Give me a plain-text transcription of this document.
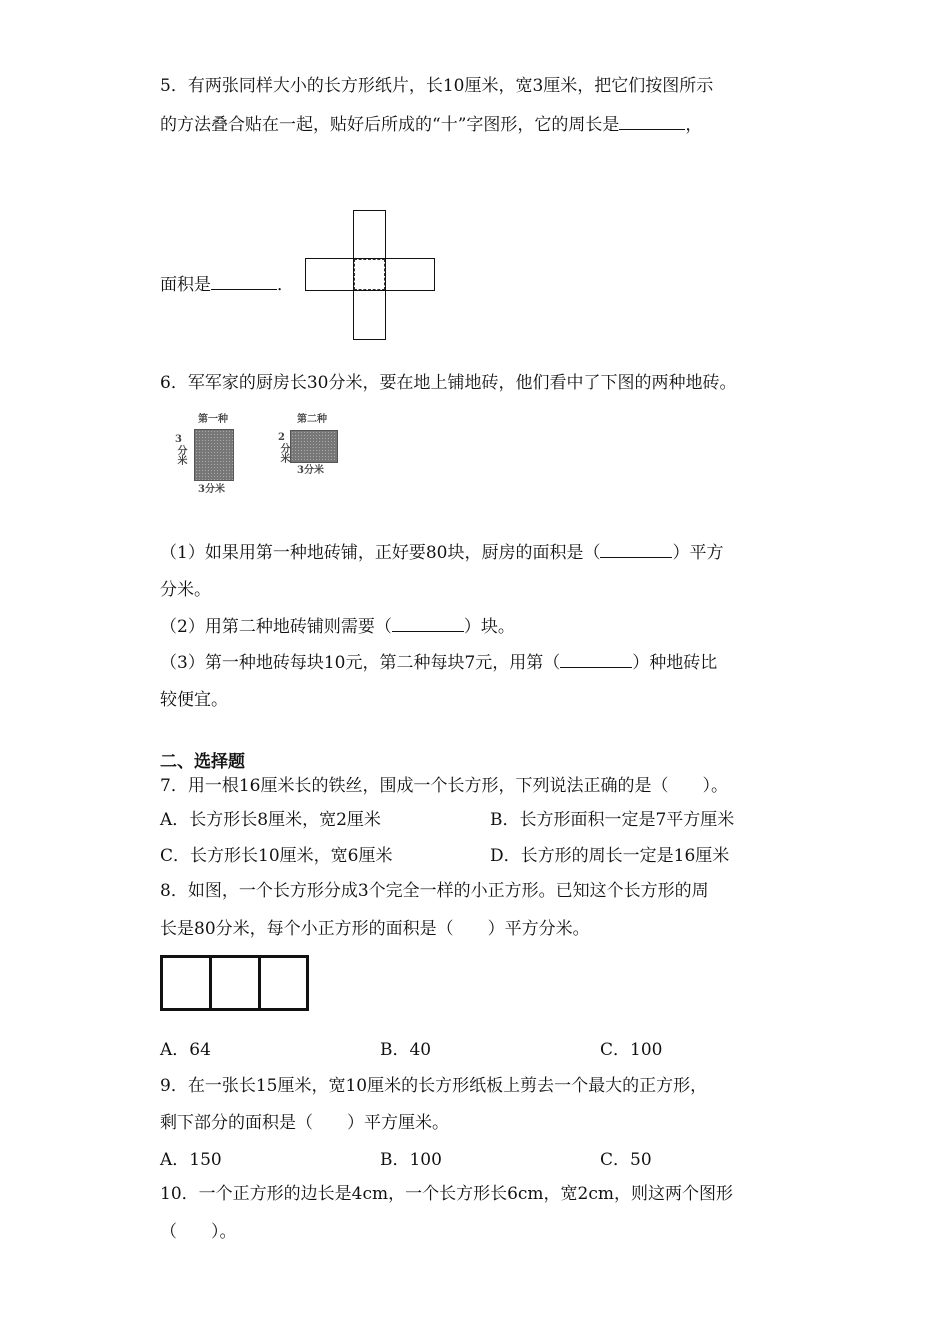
5．有两张同样大小的长方形纸片，长10厘米，宽3厘米，把它们按图所示
的方法叠合贴在一起，贴好后所成的“十”字图形，它的周长是	，
面积是	．
6．军军家的厨房长30分米，要在地上铺地砖，他们看中了下图的两种地砖。
第一种
3
分米
3分米
第二种
2
分米
3分米
（1）如果用第一种地砖铺，正好要80块，厨房的面积是（	）平方
分米。
（2）用第二种地砖铺则需要（	）块。
（3）第一种地砖每块10元，第二种每块7元，用第（	）种地砖比
较便宜。
二、选择题
7．用一根16厘米长的铁丝，围成一个长方形，下列说法正确的是（　　）。
A．长方形长8厘米，宽2厘米	B．长方形面积一定是7平方厘米
C．长方形长10厘米，宽6厘米	D．长方形的周长一定是16厘米
8．如图，一个长方形分成3个完全一样的小正方形。已知这个长方形的周
长是80分米，每个小正方形的面积是（　　）平方分米。
A．64	B．40	C．100
9．在一张长15厘米，宽10厘米的长方形纸板上剪去一个最大的正方形，
剩下部分的面积是（　　）平方厘米。
A．150	B．100	C．50
10．一个正方形的边长是4cm，一个长方形长6cm，宽2cm，则这两个图形
（　　）。
